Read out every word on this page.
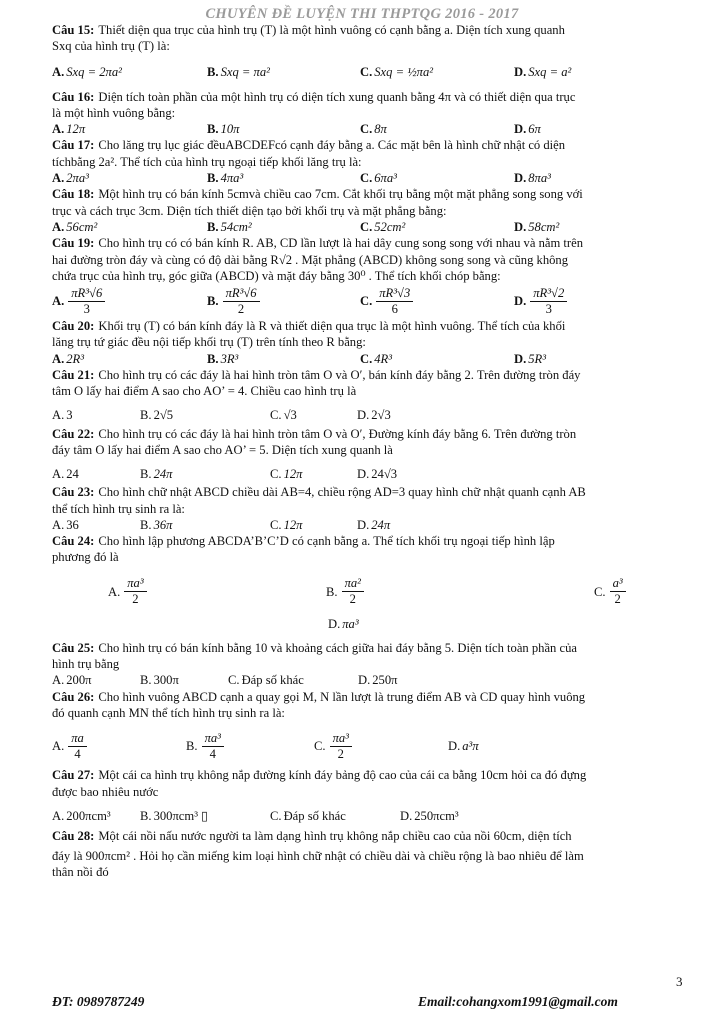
CHUYÊN ĐỀ LUYỆN THI THPTQG 2016 - 2017
Câu 15: Thiết diện qua trục của hình trụ (T) là một hình vuông có cạnh bằng a. Diện tích xung quanh
Sxq của hình trụ (T) là:
A. Sxq = 2πa²	B. Sxq = πa²	C. Sxq = ½πa²	D. Sxq = a²
Câu 16: Diện tích toàn phần của một hình trụ có diện tích xung quanh bằng 4π và có thiết diện qua trục
là một hình vuông bằng:
A. 12π	B. 10π	C. 8π	D. 6π
Câu 17: Cho lăng trụ lục giác đềuABCDEFcó cạnh đáy bằng a. Các mặt bên là hình chữ nhật có diện
tíchbằng 2a². Thể tích của hình trụ ngoại tiếp khối lăng trụ là:
A. 2πa³	B. 4πa³	C. 6πa³	D. 8πa³
Câu 18: Một hình trụ có bán kính 5cmvà chiều cao 7cm. Cắt khối trụ bằng một mặt phẳng song song với
trục và cách trục 3cm. Diện tích thiết diện tạo bởi khối trụ và mặt phẳng bằng:
A. 56cm²	B. 54cm²	C. 52cm²	D. 58cm²
Câu 19: Cho hình trụ có có bán kính R. AB, CD lần lượt là hai dây cung song song với nhau và nằm trên
hai đường tròn đáy và cùng có độ dài bằng R√2 . Mặt phẳng (ABCD) không song song và cũng không
chứa trục của hình trụ, góc giữa (ABCD) và mặt đáy bằng 30⁰ . Thể tích khối chóp bằng:
A. $\frac{\text{πR³√6}}{3}$	B. $\frac{\text{πR³√6}}{2}$	C. $\frac{\text{πR³√3}}{6}$	D. $\frac{\text{πR³√2}}{3}$
Câu 20: Khối trụ (T) có bán kính đáy là R và thiết diện qua trục là một hình vuông. Thể tích của khối
lăng trụ tứ giác đều nội tiếp khối trụ (T) trên tính theo R bằng:
A. 2R³	B. 3R³	C. 4R³	D. 5R³
Câu 21: Cho hình trụ có các đáy là hai hình tròn tâm O và O′, bán kính đáy bằng 2. Trên đường tròn đáy
tâm O lấy hai điểm A sao cho AO’ = 4. Chiều cao hình trụ là
A. 3	B. 2√5	C. √3	D. 2√3
Câu 22: Cho hình trụ có các đáy là hai hình tròn tâm O và O′, Đường kính đáy bằng 6. Trên đường tròn
đáy tâm O lấy hai điểm A sao cho AO’ = 5. Diện tích xung quanh là
A. 24	B. 24π	C. 12π	D. 24√3
Câu 23: Cho hình chữ nhật ABCD chiều dài AB=4, chiều rộng AD=3 quay hình chữ nhật quanh cạnh AB
thể tích hình trụ sinh ra là:
A. 36	B. 36π	C. 12π	D. 24π
Câu 24: Cho hình lập phương ABCDA’B’C’D có cạnh bằng a. Thể tích khối trụ ngoại tiếp hình lập
phương đó là
A. $\frac{\text{πa³}}{2}$	B. $\frac{\text{πa²}}{2}$	C. $\frac{\text{a³}}{2}$
D. πa³
Câu 25: Cho hình trụ có bán kính bằng 10 và khoảng cách giữa hai đáy bằng 5. Diện tích toàn phần của
hình trụ bằng
A. 200π	B. 300π	C. Đáp số khác	D. 250π
Câu 26: Cho hình vuông ABCD cạnh a quay gọi M, N lần lượt là trung điểm AB và CD quay hình vuông
đó quanh cạnh MN thể tích hình trụ sinh ra là:
A. $\frac{\pi a}{4}$	B. $\frac{\text{πa³}}{4}$	C. $\frac{\text{πa³}}{2}$	D. a³π
Câu 27: Một cái ca hình trụ không nắp đường kính đáy bảng độ cao của cái ca bằng 10cm hỏi ca đó đựng
được bao nhiêu nước
A. 200πcm³ B. 300πcm³ ▯	C. Đáp số khác	D. 250πcm³
Câu 28: Một cái nồi nấu nước người ta làm dạng hình trụ không nắp chiều cao của nồi 60cm, diện tích
đáy là 900πcm² . Hỏi họ cần miếng kim loại hình chữ nhật có chiều dài và chiều rộng là bao nhiêu để làm
thân nồi đó
3
ĐT: 0989787249	Email:cohangxom1991@gmail.com
